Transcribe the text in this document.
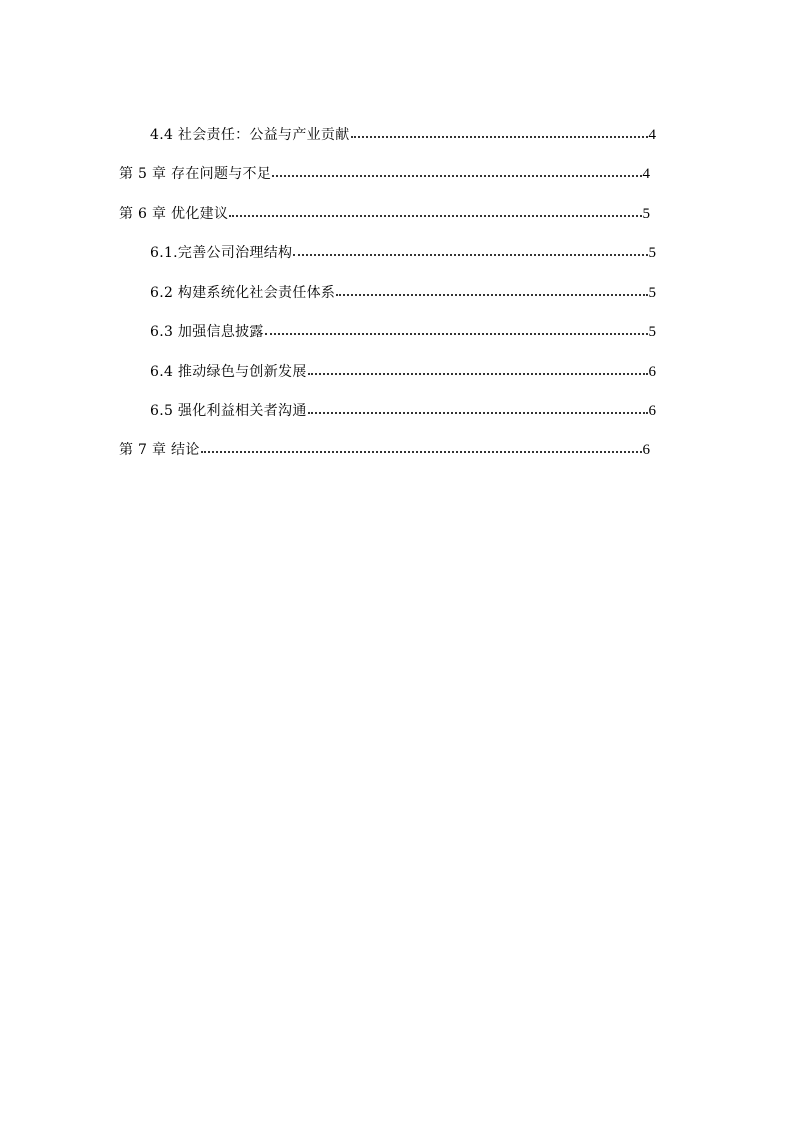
4.4 社会责任：公益与产业贡献	4
第 5 章 存在问题与不足	4
第 6 章 优化建议	5
6.1.完善公司治理结构	5
6.2 构建系统化社会责任体系	5
6.3 加强信息披露	5
6.4 推动绿色与创新发展	6
6.5 强化利益相关者沟通	6
第 7 章 结论	6
